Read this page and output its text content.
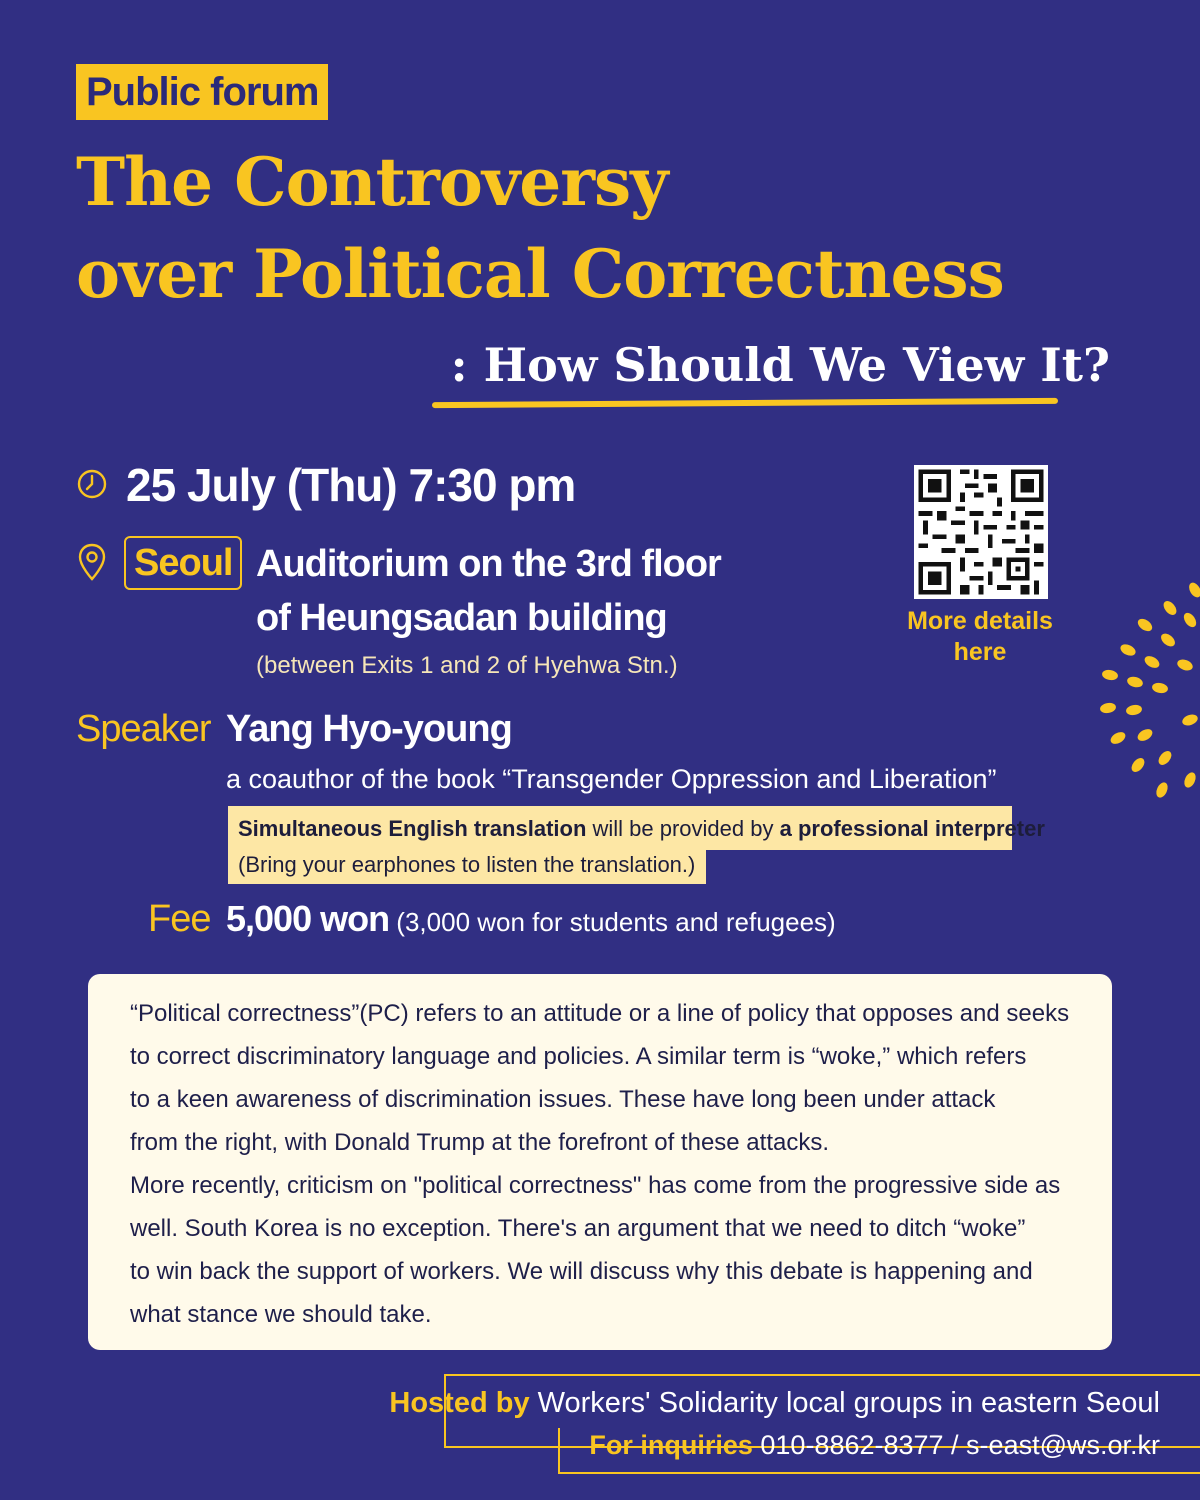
Public forum
The Controversy
over Political Correctness
: How Should We View It?
25 July (Thu) 7:30 pm
Seoul Auditorium on the 3rd floor
of Heungsadan building
(between Exits 1 and 2 of Hyehwa Stn.)
More details
here
Speaker Yang Hyo-young
a coauthor of the book “Transgender Oppression and Liberation”
Simultaneous English translation will be provided by a professional interpreter
(Bring your earphones to listen the translation.)
Fee 5,000 won (3,000 won for students and refugees)
“Political correctness”(PC) refers to an attitude or a line of policy that opposes and seeks
to correct discriminatory language and policies. A similar term is “woke,” which refers
to a keen awareness of discrimination issues. These have long been under attack
from the right, with Donald Trump at the forefront of these attacks.
More recently, criticism on "political correctness" has come from the progressive side as
well. South Korea is no exception. There's an argument that we need to ditch “woke”
to win back the support of workers. We will discuss why this debate is happening and
what stance we should take.
Hosted by Workers' Solidarity local groups in eastern Seoul
For inquiries 010-8862-8377 / s-east@ws.or.kr
